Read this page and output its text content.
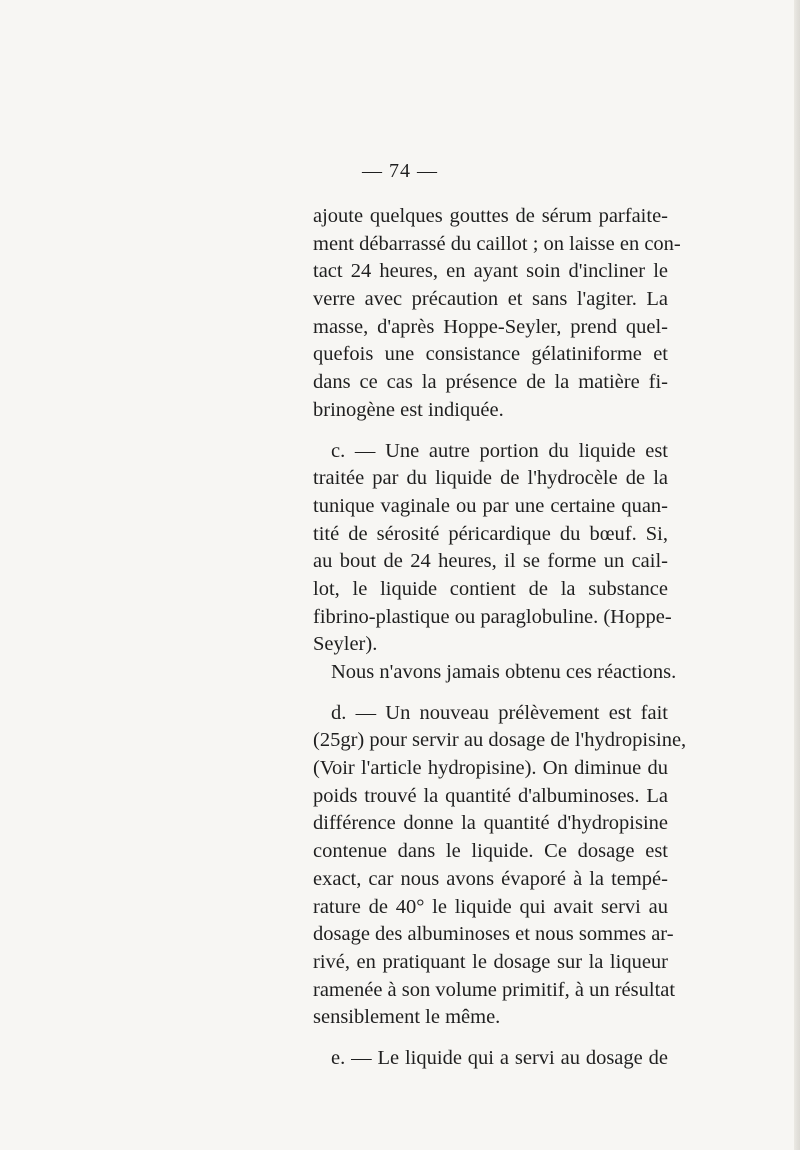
— 74 —
ajoute quelques gouttes de sérum parfaite-
ment débarrassé du caillot ; on laisse en con-
tact 24 heures, en ayant soin d'incliner le
verre avec précaution et sans l'agiter. La
masse, d'après Hoppe-Seyler, prend quel-
quefois une consistance gélatiniforme et
dans ce cas la présence de la matière fi-
brinogène est indiquée.
c. — Une autre portion du liquide est
traitée par du liquide de l'hydrocèle de la
tunique vaginale ou par une certaine quan-
tité de sérosité péricardique du bœuf. Si,
au bout de 24 heures, il se forme un cail-
lot, le liquide contient de la substance
fibrino-plastique ou paraglobuline. (Hoppe-
Seyler).
Nous n'avons jamais obtenu ces réactions.
d. — Un nouveau prélèvement est fait
(25gr) pour servir au dosage de l'hydropisine,
(Voir l'article hydropisine). On diminue du
poids trouvé la quantité d'albuminoses. La
différence donne la quantité d'hydropisine
contenue dans le liquide. Ce dosage est
exact, car nous avons évaporé à la tempé-
rature de 40° le liquide qui avait servi au
dosage des albuminoses et nous sommes ar-
rivé, en pratiquant le dosage sur la liqueur
ramenée à son volume primitif, à un résultat
sensiblement le même.
e. — Le liquide qui a servi au dosage de
